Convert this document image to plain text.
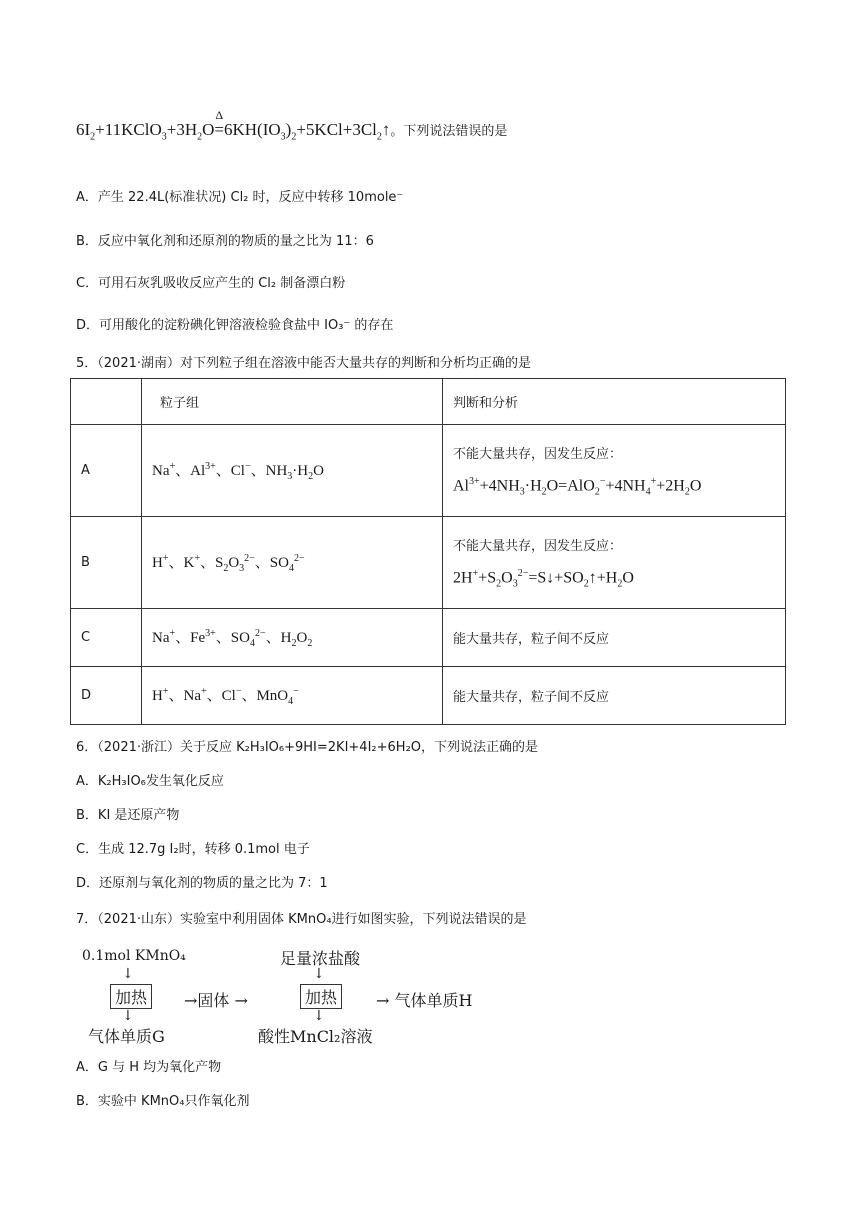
$6I_2+11KClO_3+3H_2O$
Δ
$=6KH(IO_3)_2+5KCl+3Cl_2↑$。下列说法错误的是
A．产生 22.4L(标准状况) Cl₂ 时，反应中转移 10mole⁻
B．反应中氧化剂和还原剂的物质的量之比为 11：6
C．可用石灰乳吸收反应产生的 Cl₂ 制备漂白粉
D．可用酸化的淀粉碘化钾溶液检验食盐中 IO₃⁻ 的存在
5．（2021·湖南）对下列粒子组在溶液中能否大量共存的判断和分析均正确的是
	粒子组	判断和分析
A	Na+、$Al^{3+}$、Cl−、$NH_3\cdot H_2O$	不能大量共存，因发生反应：
$Al^{3+}+4NH_3\cdot H_2O=AlO_2^-+4NH_4^++2H_2O$

B	H+、K+、$S_2O_3^{2-}$、$SO_4^{2-}$	不能大量共存，因发生反应：
$2H^++S_2O_3^{2-}=S↓+SO_2↑+H_2O$

C	Na+、$Fe^{3+}$、$SO_4^{2-}$、$H_2O_2$	能大量共存，粒子间不反应
D	H+、Na+、Cl−、MnO$_4$−	能大量共存，粒子间不反应
6．（2021·浙江）关于反应 K₂H₃IO₆+9HI=2KI+4I₂+6H₂O，下列说法正确的是
A．K₂H₃IO₆发生氧化反应
B．KI 是还原产物
C．生成 12.7g I₂时，转移 0.1mol 电子
D．还原剂与氧化剂的物质的量之比为 7：1
7．（2021·山东）实验室中利用固体 KMnO₄进行如图实验，下列说法错误的是
0.1mol KMnO₄
↓
加热
↓
气体单质G
→固体 →
足量浓盐酸
↓
加热
↓
酸性MnCl₂溶液
→ 气体单质H
A．G 与 H 均为氧化产物
B．实验中 KMnO₄只作氧化剂
